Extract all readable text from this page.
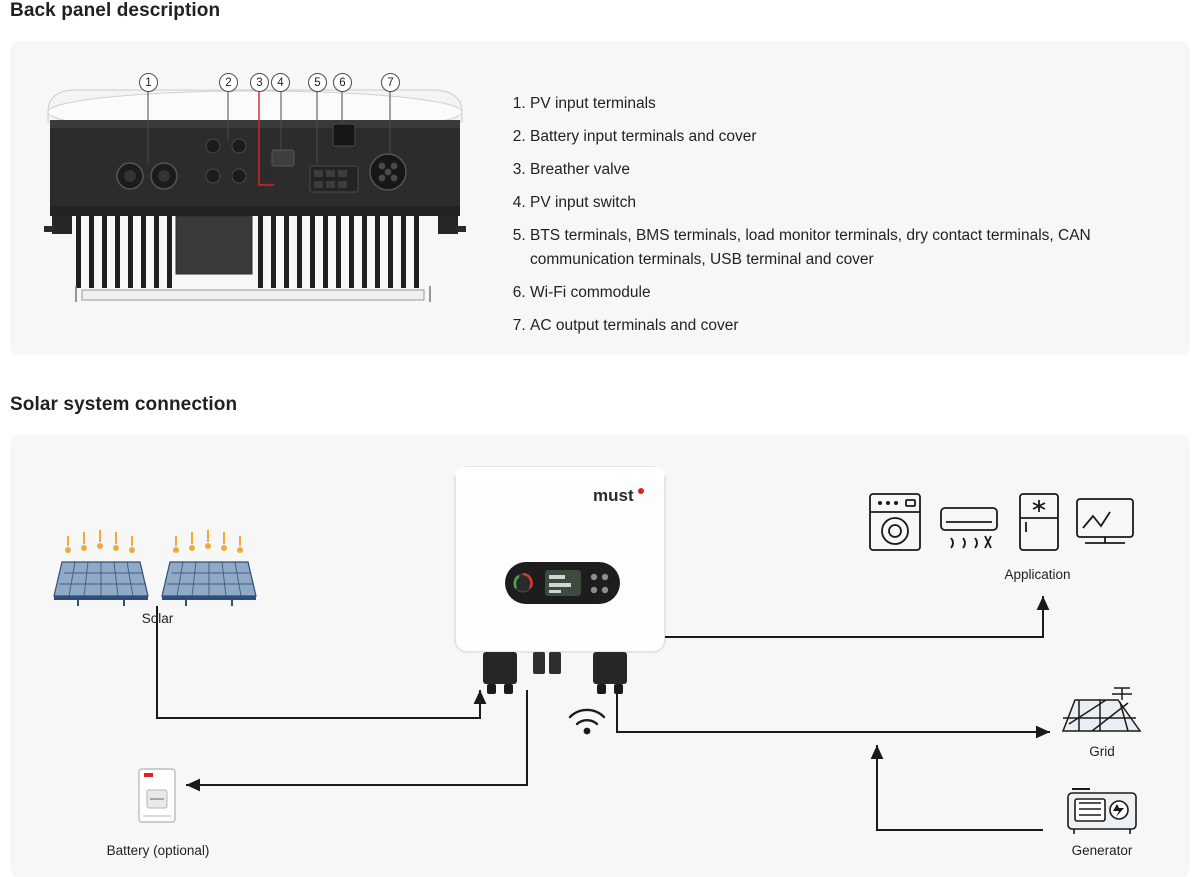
Back panel description
1	2	3	4	5	6	7
1. PV input terminals
2. Battery input terminals and cover
3. Breather valve
4. PV input switch
5. BTS terminals, BMS terminals, load monitor terminals, dry contact terminals, CAN communication terminals, USB terminal and cover
6. Wi-Fi commodule
7. AC output terminals and cover
Solar system connection
must
Solar
Battery (optional)
Application
Grid
Generator
